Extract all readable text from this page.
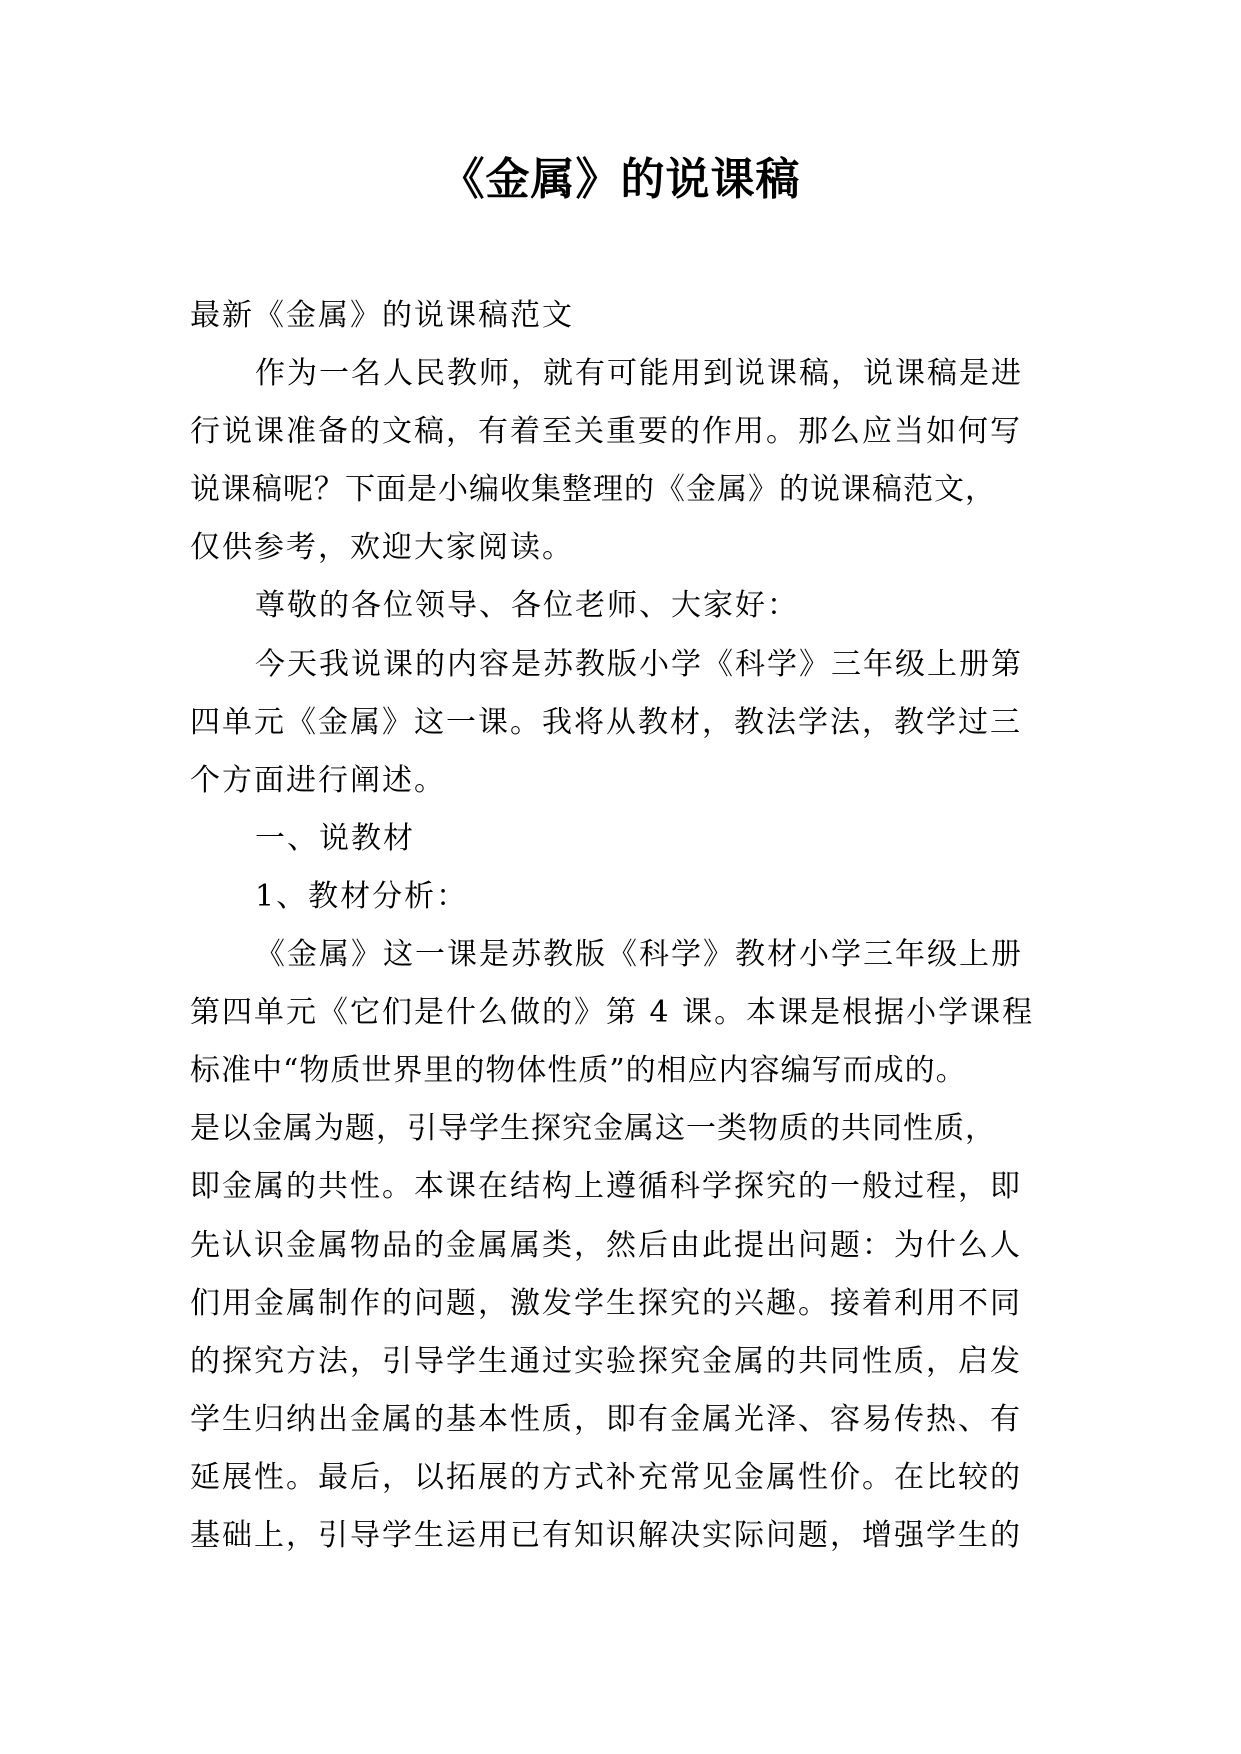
《金属》的说课稿

最新《金属》的说课稿范文

作为一名人民教师，就有可能用到说课稿，说课稿是进

行说课准备的文稿，有着至关重要的作用。那么应当如何写

说课稿呢？下面是小编收集整理的《金属》的说课稿范文，

仅供参考，欢迎大家阅读。

尊敬的各位领导、各位老师、大家好：

今天我说课的内容是苏教版小学《科学》三年级上册第

四单元《金属》这一课。我将从教材，教法学法，教学过三

个方面进行阐述。

一、说教材

1、教材分析：

《金属》这一课是苏教版《科学》教材小学三年级上册

第四单元《它们是什么做的》第 4 课。本课是根据小学课程

标准中“物质世界里的物体性质”的相应内容编写而成的。

是以金属为题，引导学生探究金属这一类物质的共同性质，

即金属的共性。本课在结构上遵循科学探究的一般过程，即

先认识金属物品的金属属类，然后由此提出问题：为什么人

们用金属制作的问题，激发学生探究的兴趣。接着利用不同

的探究方法，引导学生通过实验探究金属的共同性质，启发

学生归纳出金属的基本性质，即有金属光泽、容易传热、有

延展性。最后，以拓展的方式补充常见金属性价。在比较的

基础上，引导学生运用已有知识解决实际问题，增强学生的
